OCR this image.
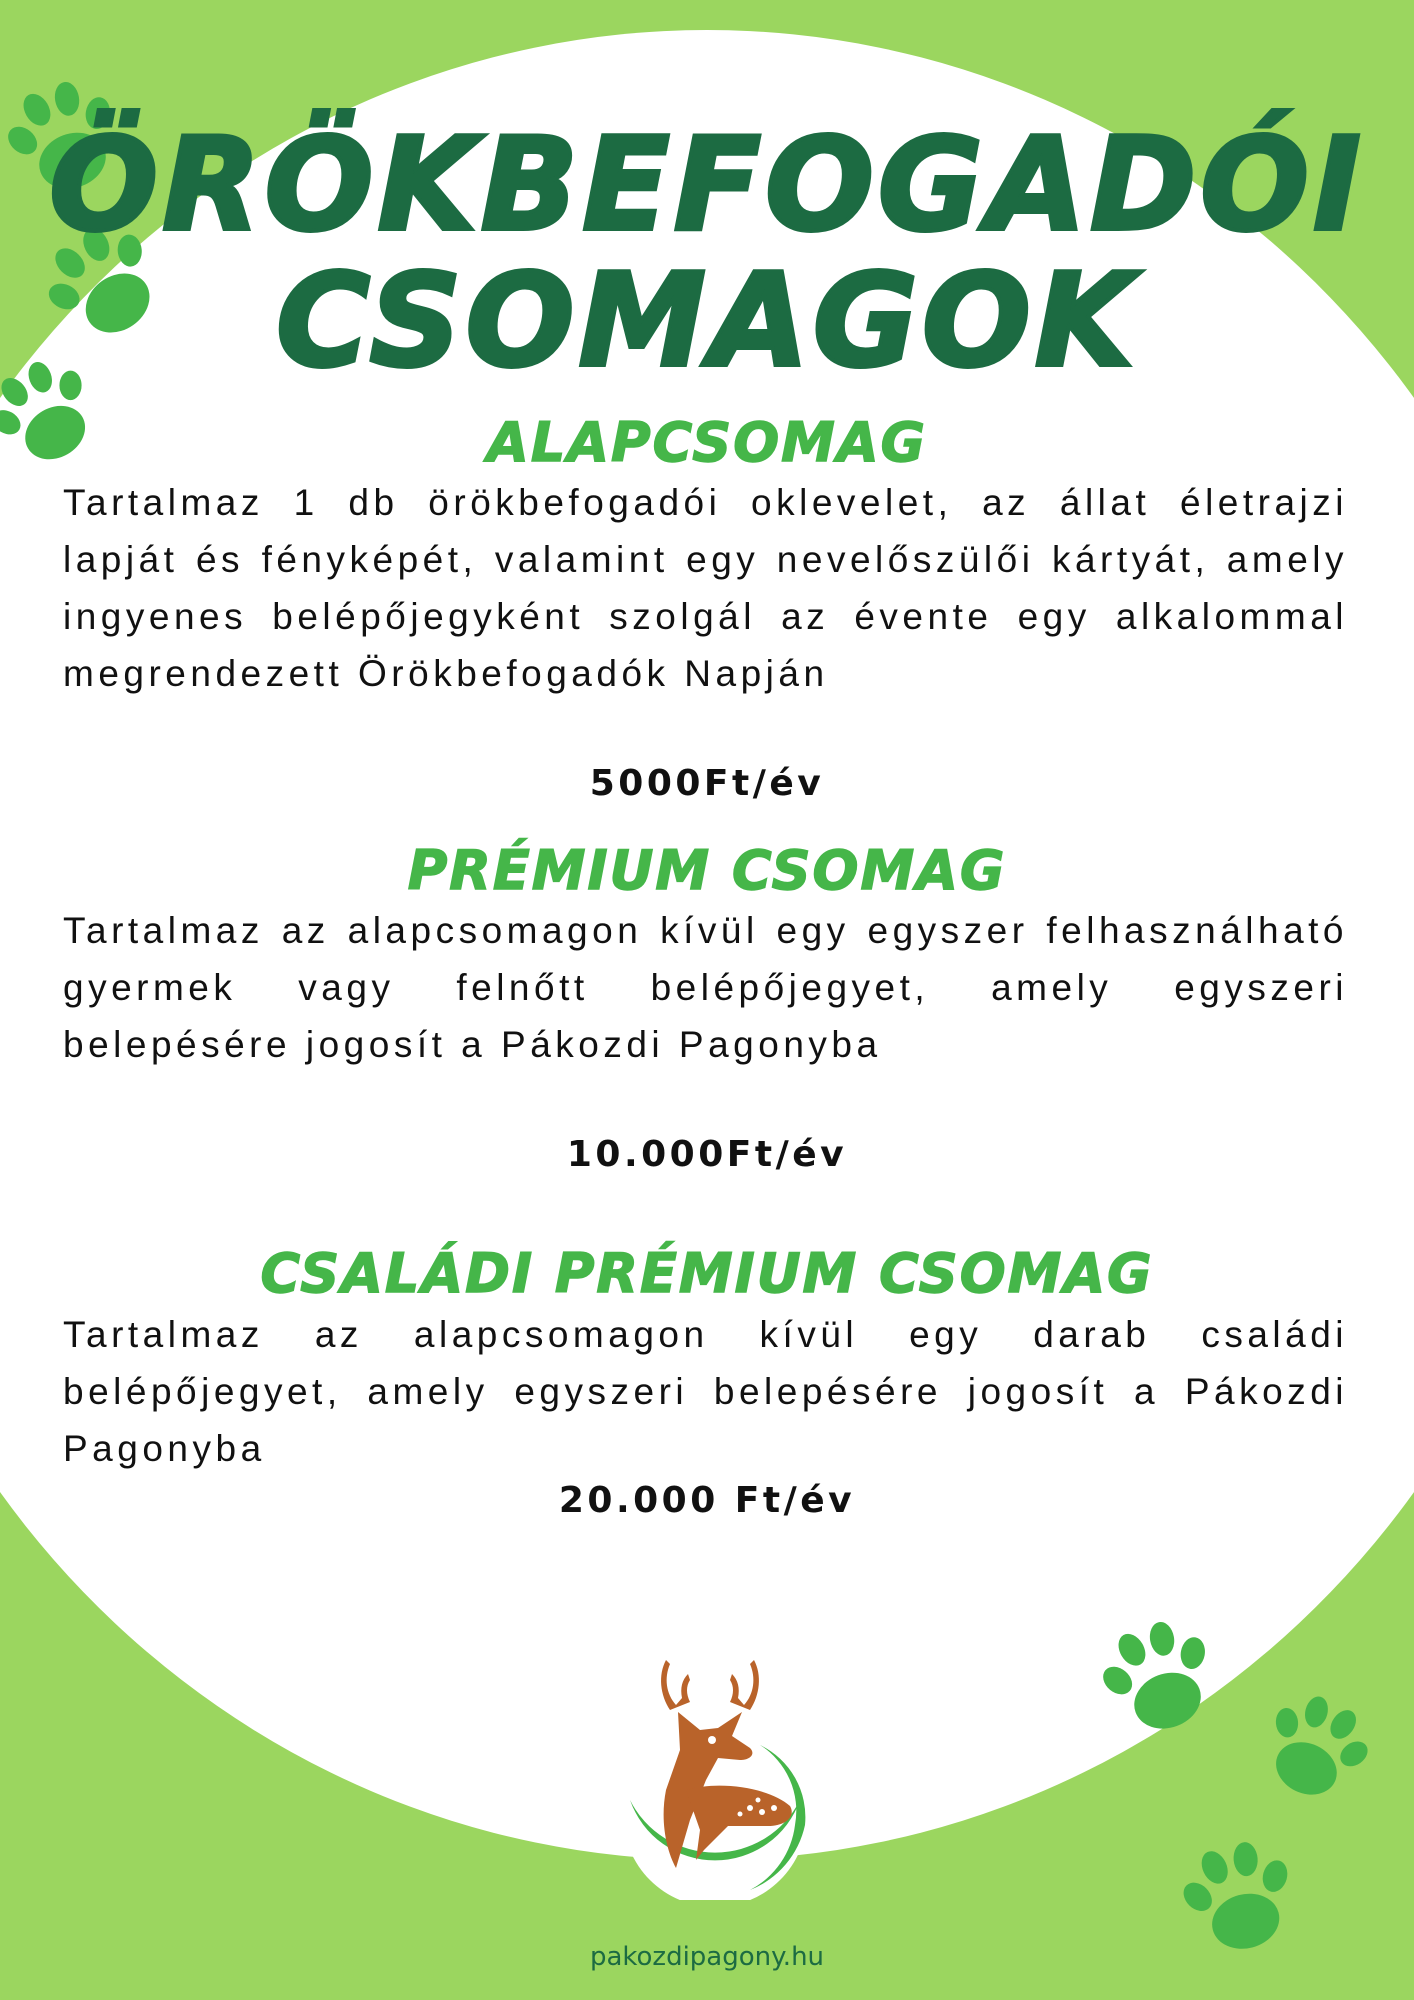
ÖRÖKBEFOGADÓI
CSOMAGOK
ALAPCSOMAG

Tartalmaz 1 db örökbefogadói oklevelet, az állat életrajzi lapját és fényképét, valamint egy nevelőszülői kártyát, amely ingyenes belépőjegyként szolgál az évente egy alkalommal megrendezett Örökbefogadók Napján

5000Ft/év

PRÉMIUM CSOMAG

Tartalmaz az alapcsomagon kívül egy egyszer felhasználható gyermek vagy felnőtt belépőjegyet, amely egyszeri belepésére jogosít a Pákozdi Pagonyba

10.000Ft/év

CSALÁDI PRÉMIUM CSOMAG

Tartalmaz az alapcsomagon kívül egy darab családi belépőjegyet, amely egyszeri belepésére jogosít a Pákozdi Pagonyba

20.000 Ft/év

pakozdipagony.hu
